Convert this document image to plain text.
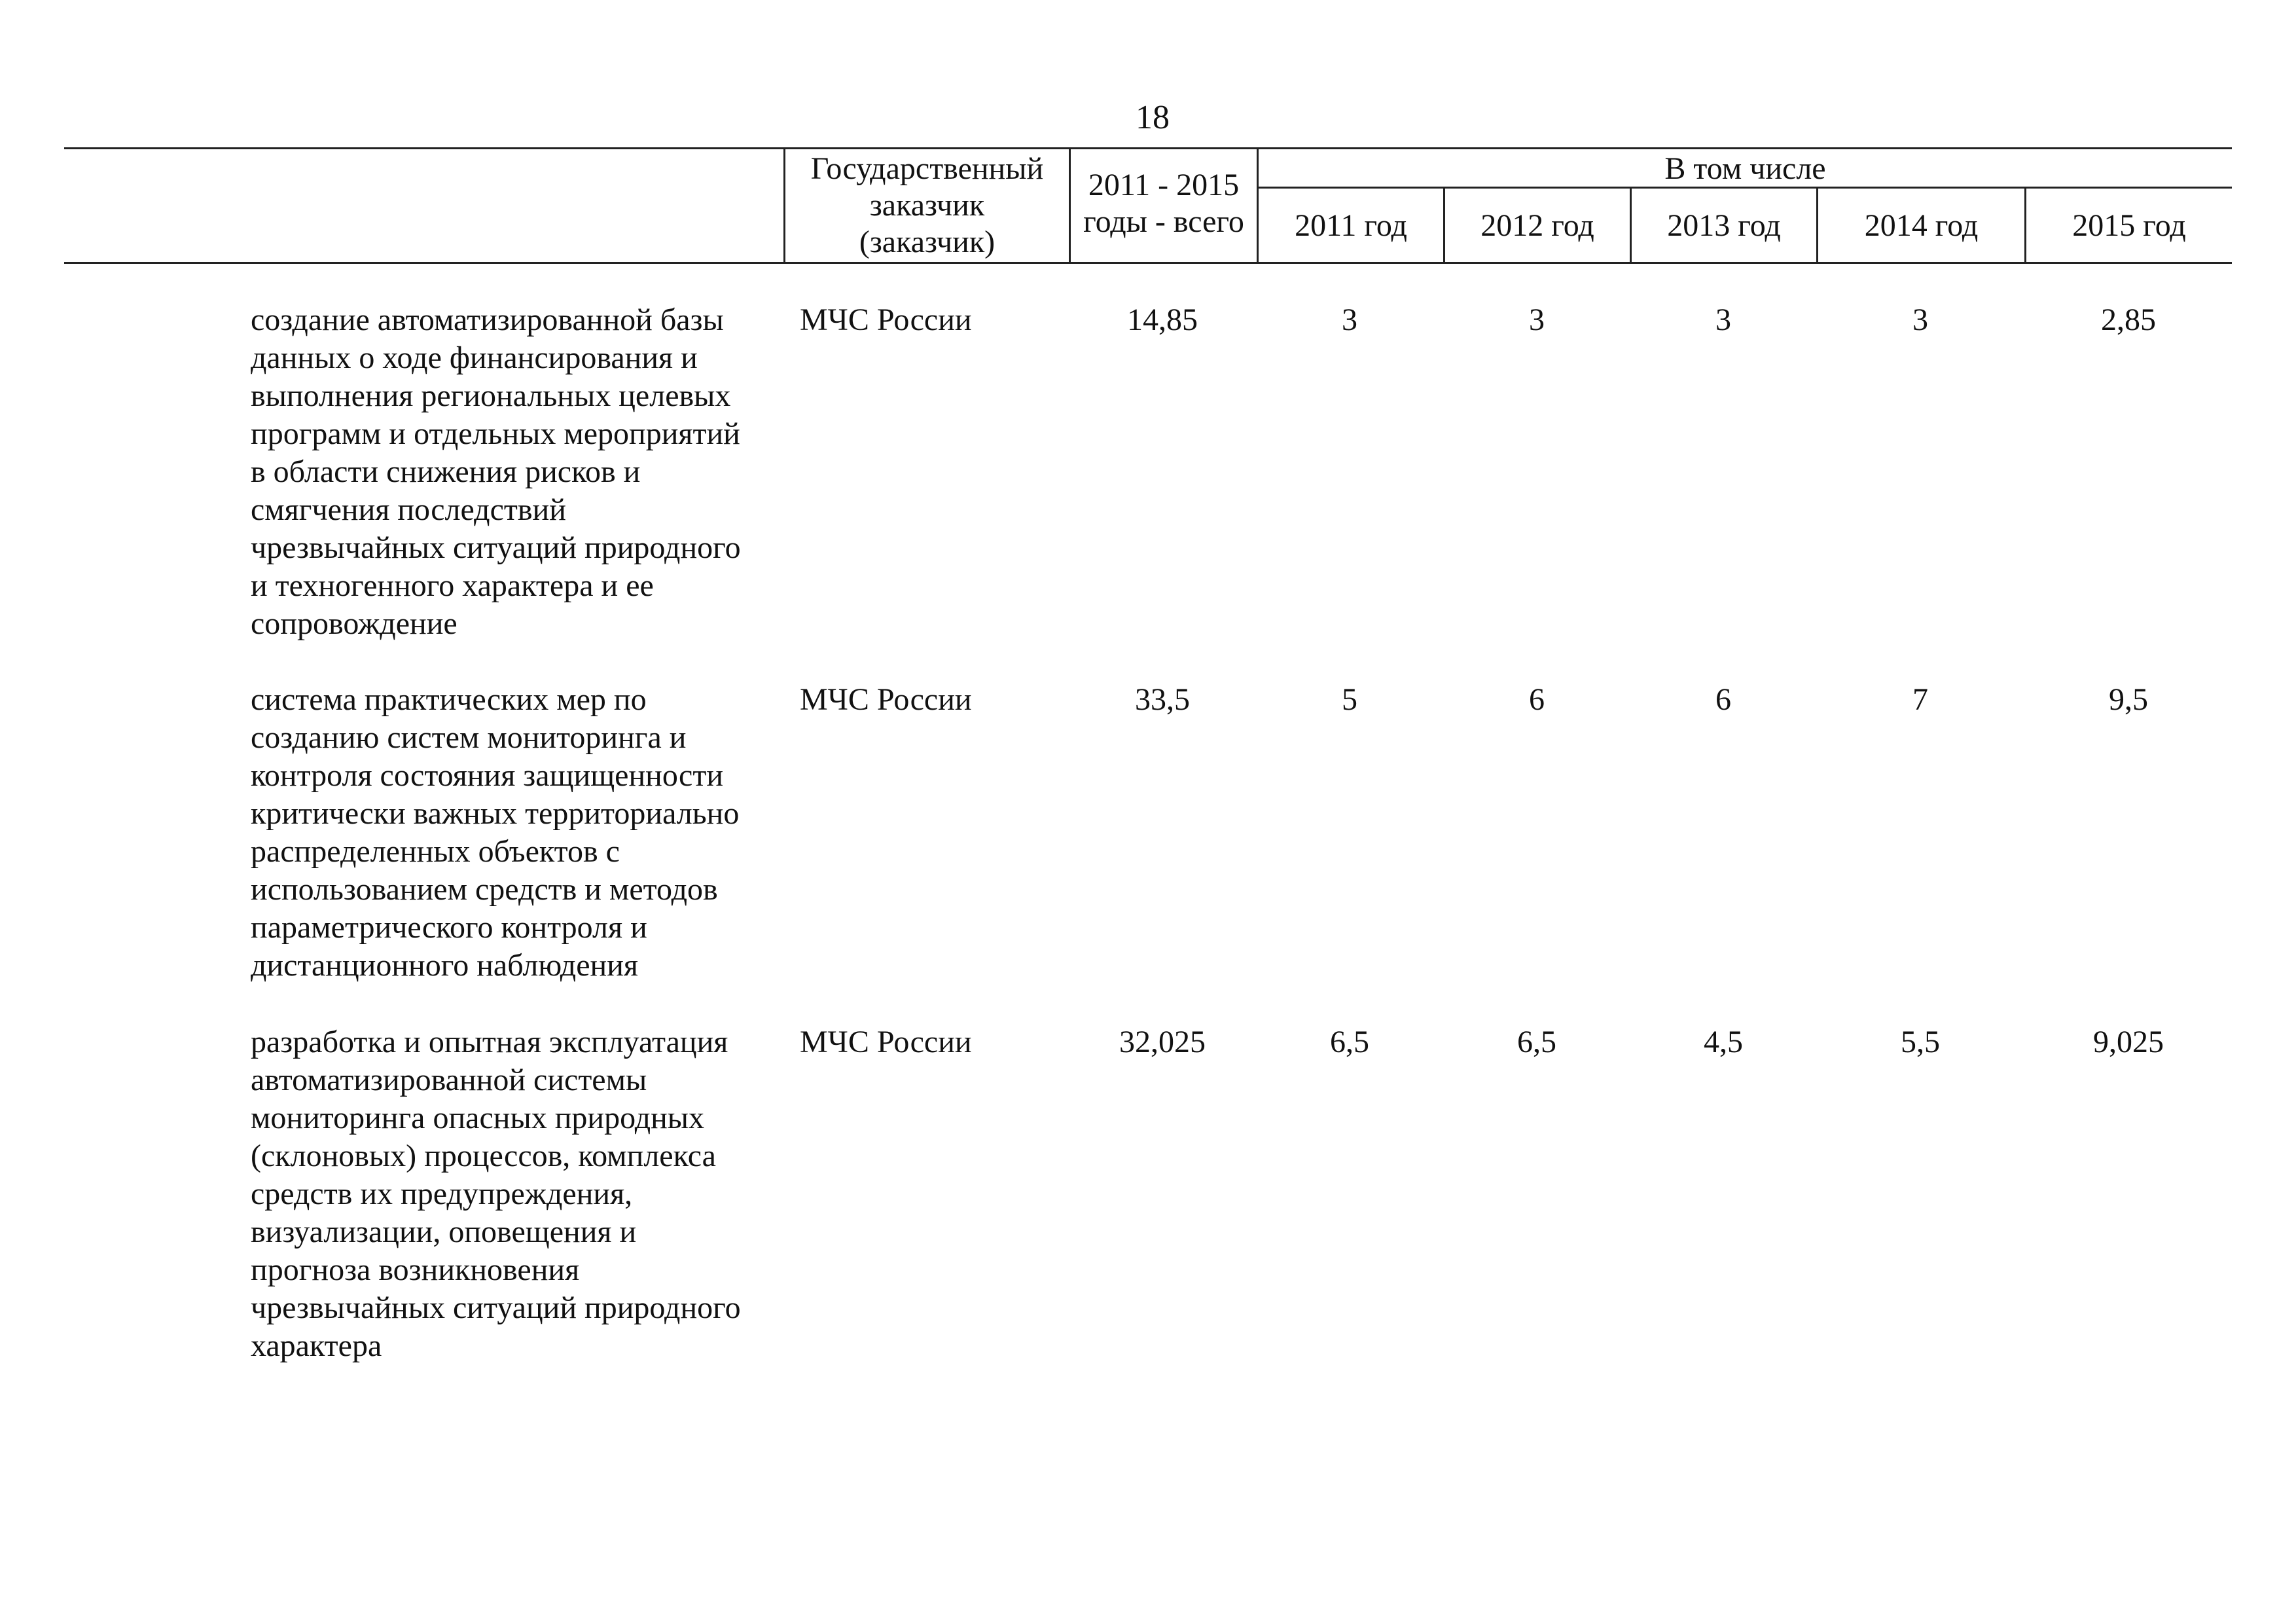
18
Государственный
заказчик
(заказчик)
2011 - 2015
годы - всего
В том числе
2011 год	2012 год	2013 год	2014 год	2015 год
создание автоматизированной базы
данных о ходе финансирования и
выполнения региональных целевых
программ и отдельных мероприятий
в области снижения рисков и
смягчения последствий
чрезвычайных ситуаций природного
и техногенного характера и ее
сопровождение
МЧС России	14,85	3	3	3	3	2,85
система практических мер по
созданию систем мониторинга и
контроля состояния защищенности
критически важных территориально
распределенных объектов с
использованием средств и методов
параметрического контроля и
дистанционного наблюдения
МЧС России	33,5	5	6	6	7	9,5
разработка и опытная эксплуатация
автоматизированной системы
мониторинга опасных природных
(склоновых) процессов, комплекса
средств их предупреждения,
визуализации, оповещения и
прогноза возникновения
чрезвычайных ситуаций природного
характера
МЧС России	32,025	6,5	6,5	4,5	5,5	9,025
